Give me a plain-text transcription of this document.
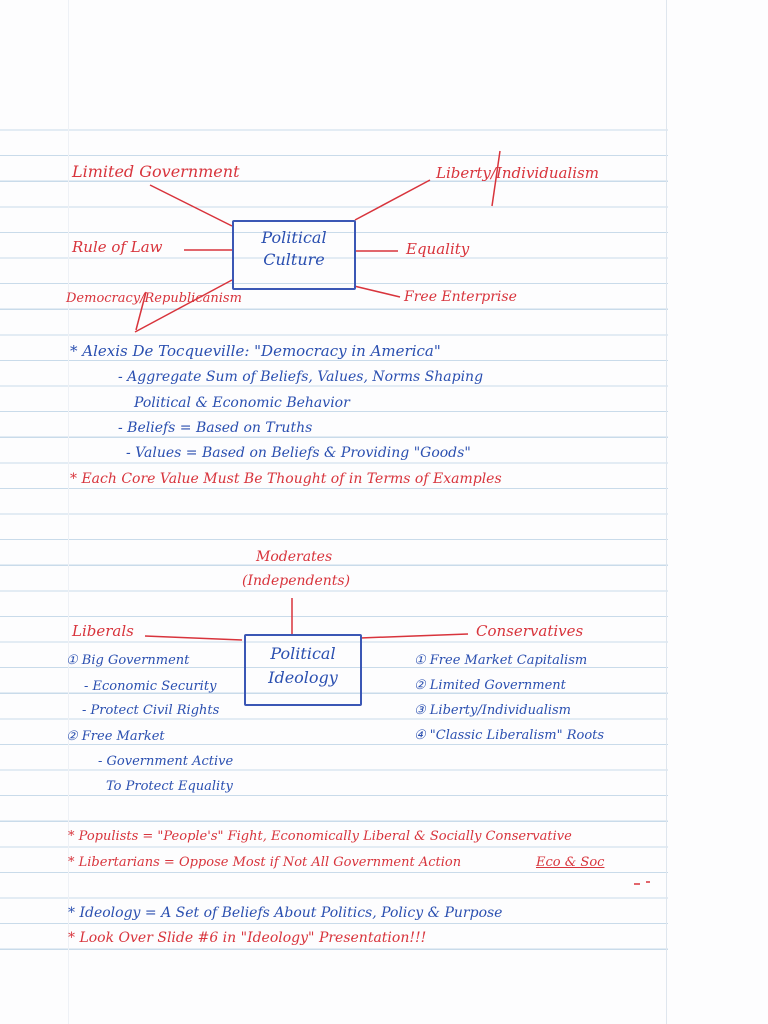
Limited Government	Liberty/Individualism
Rule of Law	Equality
Democracy/Republicanism	Free Enterprise
Political
Culture
* Alexis De Tocqueville: "Democracy in America"
- Aggregate Sum of Beliefs, Values, Norms Shaping
Political & Economic Behavior
- Beliefs = Based on Truths
- Values = Based on Beliefs & Providing "Goods"
* Each Core Value Must Be Thought of in Terms of Examples
Moderates
(Independents)
Liberals	Conservatives
Political
Ideology
① Big Government
- Economic Security
- Protect Civil Rights
② Free Market
- Government Active
To Protect Equality
① Free Market Capitalism
② Limited Government
③ Liberty/Individualism
④ "Classic Liberalism" Roots
* Populists = "People's" Fight, Economically Liberal & Socially Conservative
* Libertarians = Oppose Most if Not All Government Action	Eco & Soc
* Ideology = A Set of Beliefs About Politics, Policy & Purpose
* Look Over Slide #6 in "Ideology" Presentation!!!
